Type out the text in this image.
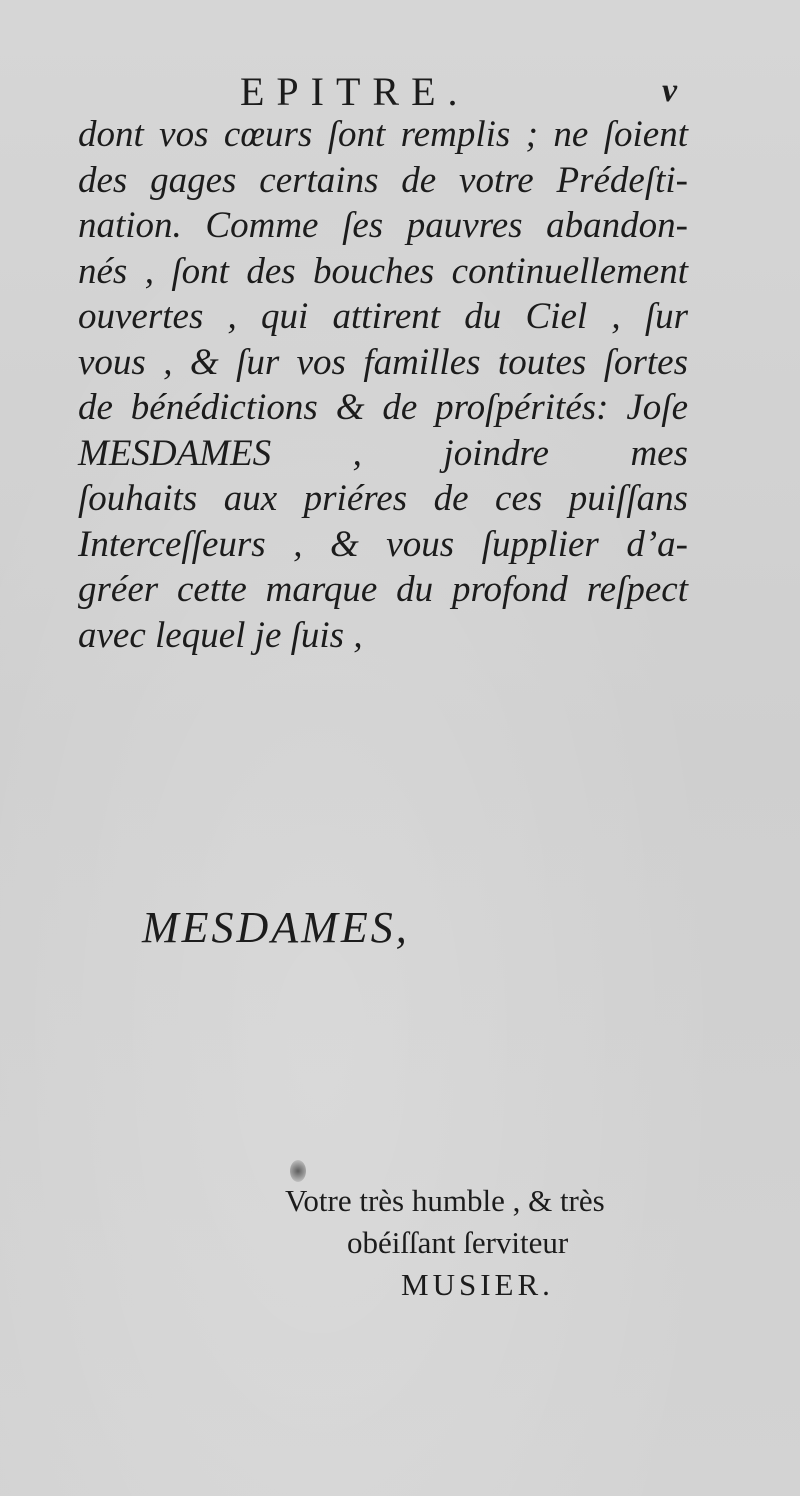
EPITRE.	v
dont vos cœurs ſont remplis ; ne ſoient
des gages certains de votre Prédeſti-
nation. Comme ſes pauvres abandon-
nés , ſont des bouches continuellement
ouvertes , qui attirent du Ciel , ſur
vous , & ſur vos familles toutes ſortes
de bénédictions & de proſpérités: Joſe
MESDAMES , joindre mes
ſouhaits aux priéres de ces puiſſans
Interceſſeurs , & vous ſupplier d’a-
gréer cette marque du profond reſpect
avec lequel je ſuis ,
MESDAMES,
Votre très humble , & très
obéiſſant ſerviteur
MUSIER.
